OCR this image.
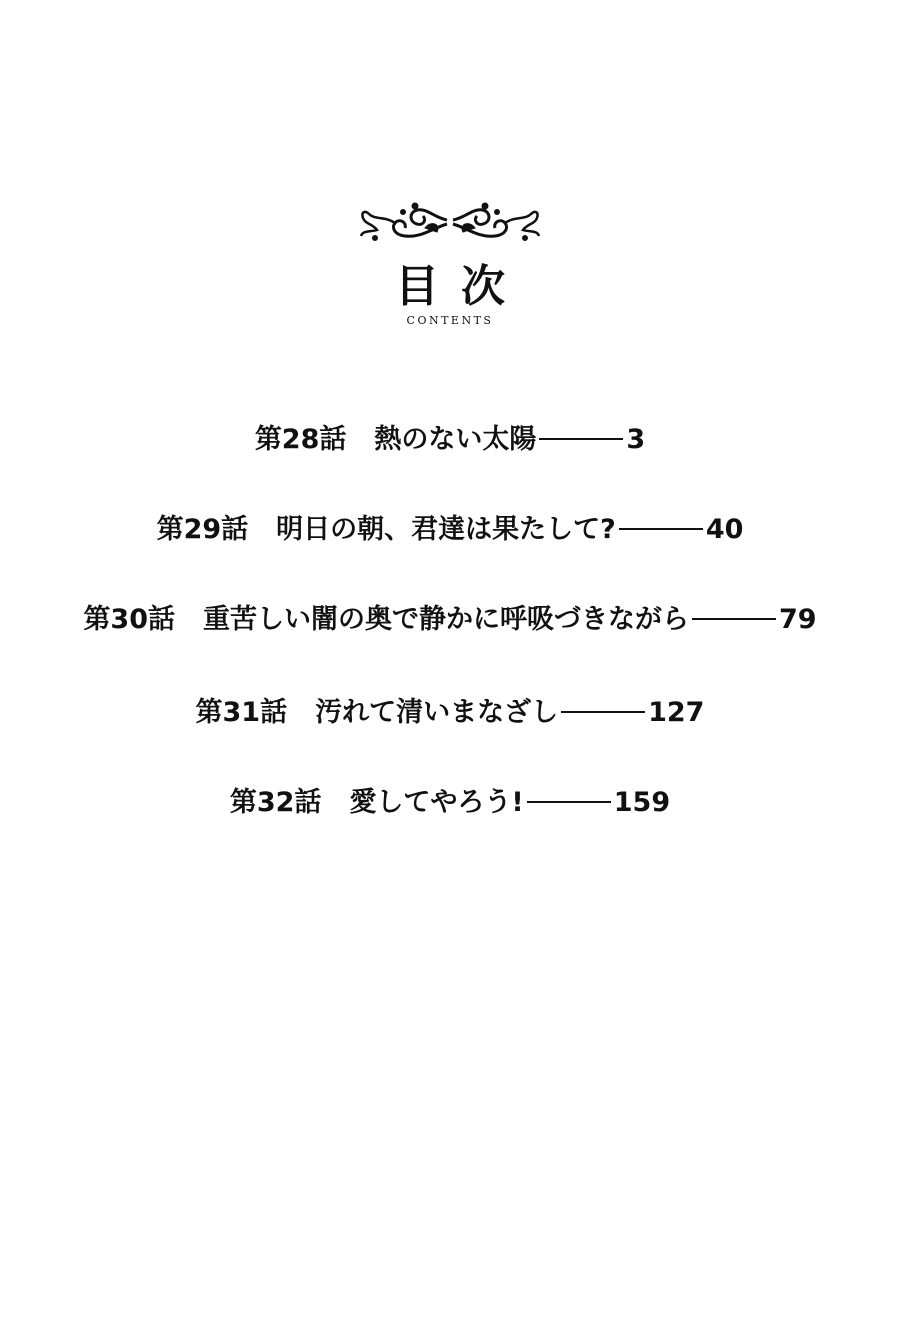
目次
CONTENTS
第28話 熱のない太陽	3
第29話 明日の朝、君達は果たして?	40
第30話 重苦しい闇の奥で静かに呼吸づきながら	79
第31話 汚れて清いまなざし	127
第32話 愛してやろう!	159
